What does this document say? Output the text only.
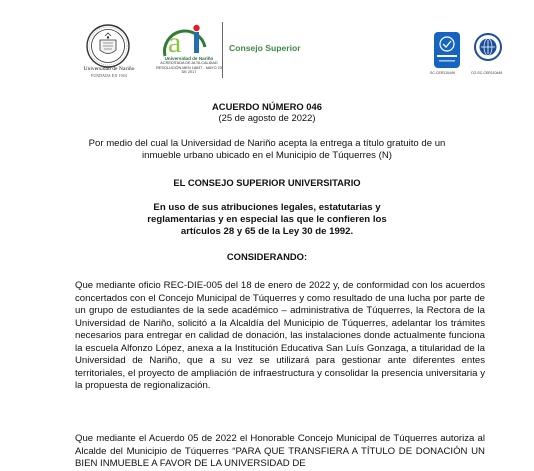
Universidad de Nariño
FUNDADA EN 1904
a
Universidad de Nariño
ACREDITADA DE ALTA CALIDAD
RESOLUCIÓN MEN 18837 - MAYO 23 DE 2017
Consejo Superior
SC-CER110449	CO-SC-CER110449
ACUERDO NÚMERO 046
(25 de agosto de 2022)
Por medio del cual la Universidad de Nariño acepta la entrega a título gratuito de un inmueble urbano ubicado en el Municipio de Túquerres (N)
EL CONSEJO SUPERIOR UNIVERSITARIO
En uso de sus atribuciones legales, estatutarias y reglamentarias y en especial las que le confieren los artículos 28 y 65 de la Ley 30 de 1992.
CONSIDERANDO:
Que mediante oficio REC-DIE-005 del 18 de enero de 2022 y, de conformidad con los acuerdos concertados con el Concejo Municipal de Túquerres y como resultado de una lucha por parte de un grupo de estudiantes de la sede académico – administrativa de Túquerres, la Rectora de la Universidad de Nariño, solicitó a la Alcaldía del Municipio de Túquerres, adelantar los trámites necesarios para entregar en calidad de donación, las instalaciones donde actualmente funciona la escuela Alfonzo López, anexa a la Institución Educativa San Luís Gonzaga, a titularidad de la Universidad de Nariño, que a su vez se utilizará para gestionar ante diferentes entes territoriales, el proyecto de ampliación de infraestructura y consolidar la presencia universitaria y la propuesta de regionalización.
Que mediante el Acuerdo 05 de 2022 el Honorable Concejo Municipal de Túquerres autoriza al Alcalde del Municipio de Túquerres “PARA QUE TRANSFIERA A TÍTULO DE DONACIÓN UN BIEN INMUEBLE A FAVOR DE LA UNIVERSIDAD DE
